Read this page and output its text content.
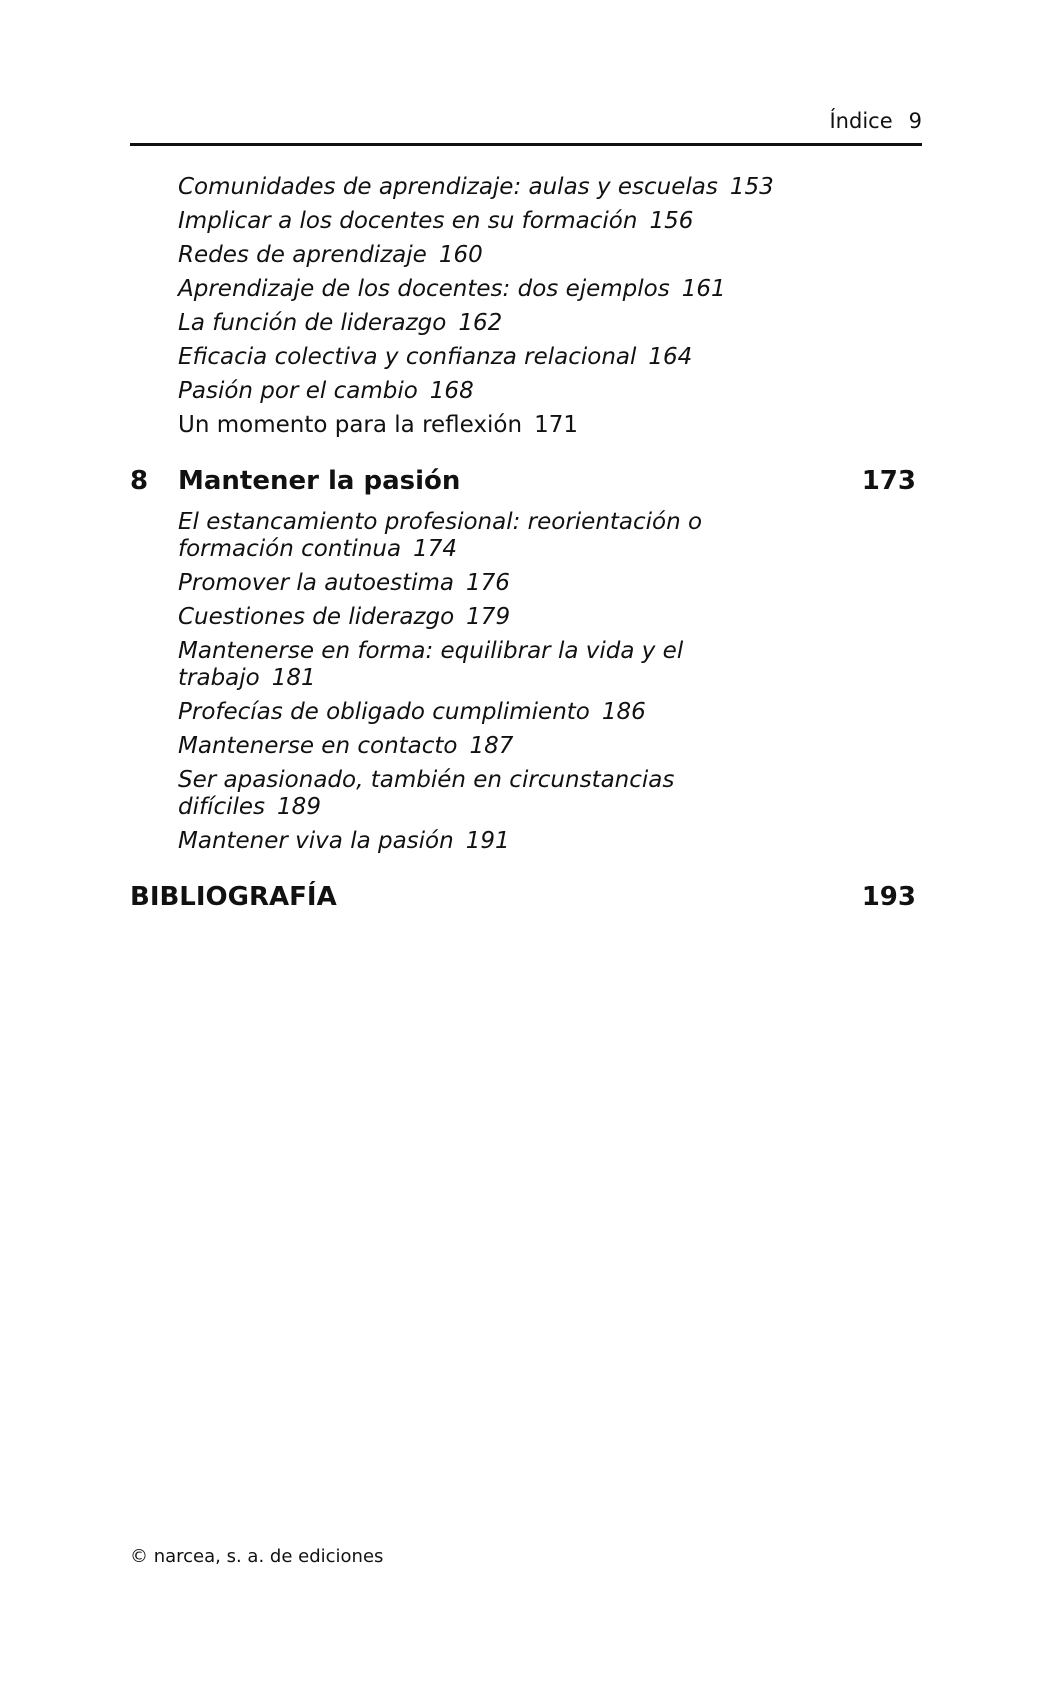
Índice 9
Comunidades de aprendizaje: aulas y escuelas 153
Implicar a los docentes en su formación 156
Redes de aprendizaje 160
Aprendizaje de los docentes: dos ejemplos 161
La función de liderazgo 162
Eficacia colectiva y confianza relacional 164
Pasión por el cambio 168
Un momento para la reflexión 171
8	Mantener la pasión	173
El estancamiento profesional: reorientación o formación continua 174
Promover la autoestima 176
Cuestiones de liderazgo 179
Mantenerse en forma: equilibrar la vida y el trabajo 181
Profecías de obligado cumplimiento 186
Mantenerse en contacto 187
Ser apasionado, también en circunstancias difíciles 189
Mantener viva la pasión 191
BIBLIOGRAFÍA	193
© narcea, s. a. de ediciones
